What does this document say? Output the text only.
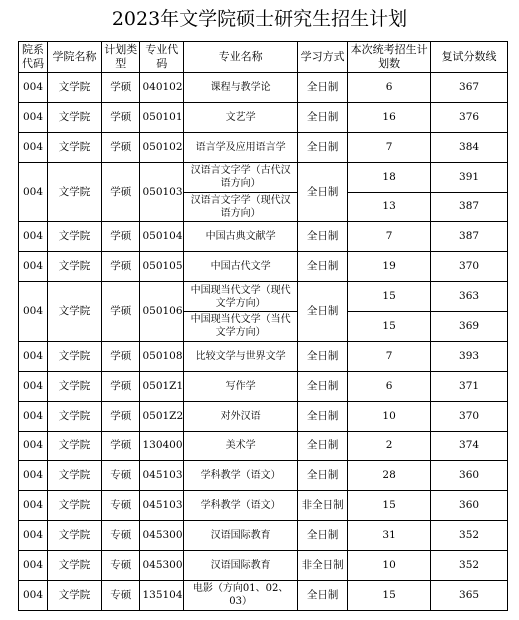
2023年文学院硕士研究生招生计划
院系代码	学院名称	计划类型	专业代码	专业名称	学习方式	本次统考招生计划数	复试分数线
004	文学院	学硕	040102	课程与教学论	全日制	6	367
004	文学院	学硕	050101	文艺学	全日制	16	376
004	文学院	学硕	050102	语言学及应用语言学	全日制	7	384
004	文学院	学硕	050103	汉语言文字学（古代汉语方向）	全日制	18	391
				汉语言文字学（现代汉语方向）		13	387
004	文学院	学硕	050104	中国古典文献学	全日制	7	387
004	文学院	学硕	050105	中国古代文学	全日制	19	370
004	文学院	学硕	050106	中国现当代文学（现代文学方向）	全日制	15	363
				中国现当代文学（当代文学方向）		15	369
004	文学院	学硕	050108	比较文学与世界文学	全日制	7	393
004	文学院	学硕	0501Z1	写作学	全日制	6	371
004	文学院	学硕	0501Z2	对外汉语	全日制	10	370
004	文学院	学硕	130400	美术学	全日制	2	374
004	文学院	专硕	045103	学科教学（语文）	全日制	28	360
004	文学院	专硕	045103	学科教学（语文）	非全日制	15	360
004	文学院	专硕	045300	汉语国际教育	全日制	31	352
004	文学院	专硕	045300	汉语国际教育	非全日制	10	352
004	文学院	专硕	135104	电影（方向01、02、03）	全日制	15	365
